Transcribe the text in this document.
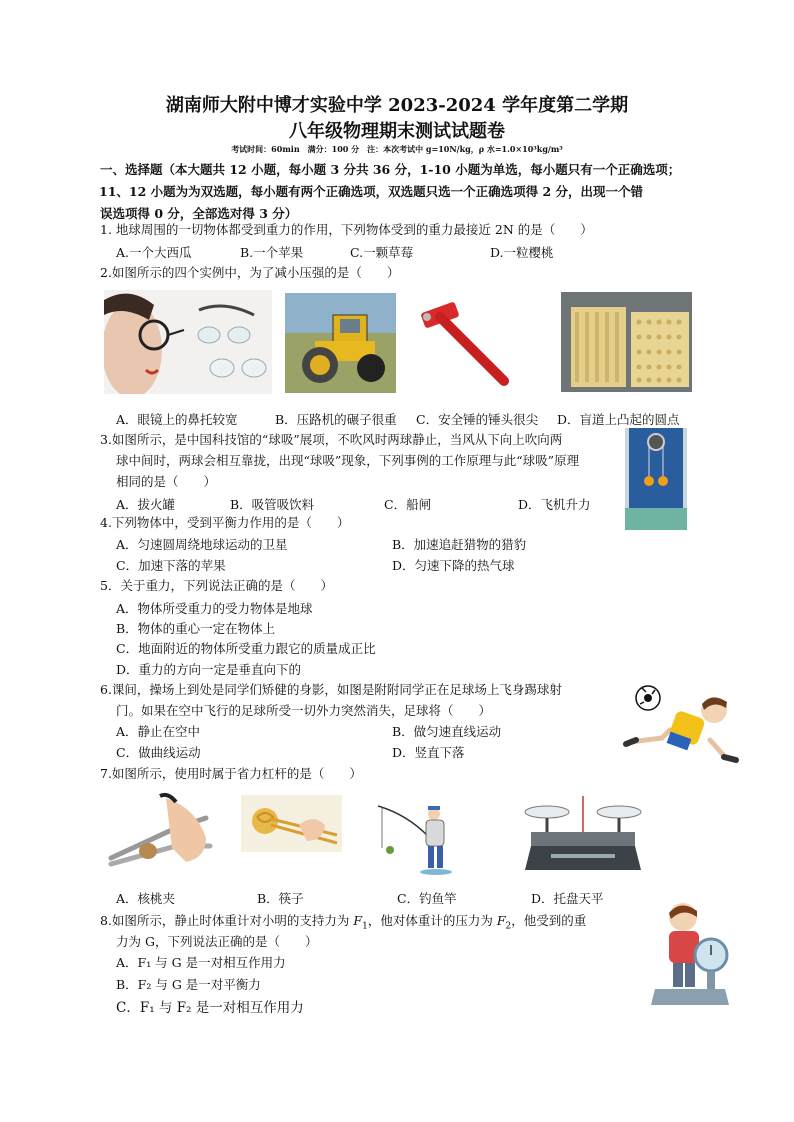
湖南师大附中博才实验中学 2023-2024 学年度第二学期
八年级物理期末测试试题卷
考试时间：60min　满分：100 分　注：本次考试中 g=10N/kg，ρ 水=1.0×10³kg/m³
一、选择题（本大题共 12 小题，每小题 3 分共 36 分，1-10 小题为单选，每小题只有一个正确选项；
11、12 小题为为双选题，每小题有两个正确选项，双选题只选一个正确选项得 2 分，出现一个错
误选项得 0 分，全部选对得 3 分）
1. 地球周围的一切物体都受到重力的作用，下列物体受到的重力最接近 2N 的是（　　）
A.一个大西瓜	B.一个苹果	C.一颗草莓	D.一粒樱桃
2.如图所示的四个实例中，为了减小压强的是（　　）
A．眼镜上的鼻托较宽	B．压路机的碾子很重 C．安全锤的锤头很尖 D．盲道上凸起的圆点
3.如图所示，是中国科技馆的“球吸”展项，不吹风时两球静止，当风从下向上吹向两
球中间时，两球会相互靠拢，出现“球吸”现象，下列事例的工作原理与此“球吸”原理
相同的是（　　）
A．拔火罐	B．吸管吸饮料	C．船闸	D．飞机升力
4.下列物体中，受到平衡力作用的是（　　）
A．匀速圆周绕地球运动的卫星	B．加速追赶猎物的猎豹
C．加速下落的苹果	D．匀速下降的热气球
5．关于重力，下列说法正确的是（　　）
A．物体所受重力的受力物体是地球
B．物体的重心一定在物体上
C．地面附近的物体所受重力跟它的质量成正比
D．重力的方向一定是垂直向下的
6.课间，操场上到处是同学们矫健的身影，如图是附附同学正在足球场上飞身踢球射
门。如果在空中飞行的足球所受一切外力突然消失，足球将（　　）
A．静止在空中	B．做匀速直线运动
C．做曲线运动	D．竖直下落
7.如图所示，使用时属于省力杠杆的是（　　）
A．核桃夹	B．筷子	C．钓鱼竿	D．托盘天平
8.如图所示，静止时体重计对小明的支持力为 $F_1$，他对体重计的压力为 $F_2$，他受到的重
力为 G，下列说法正确的是（　　）
A．F₁ 与 G 是一对相互作用力
B．F₂ 与 G 是一对平衡力
C．F₁ 与 F₂ 是一对相互作用力
